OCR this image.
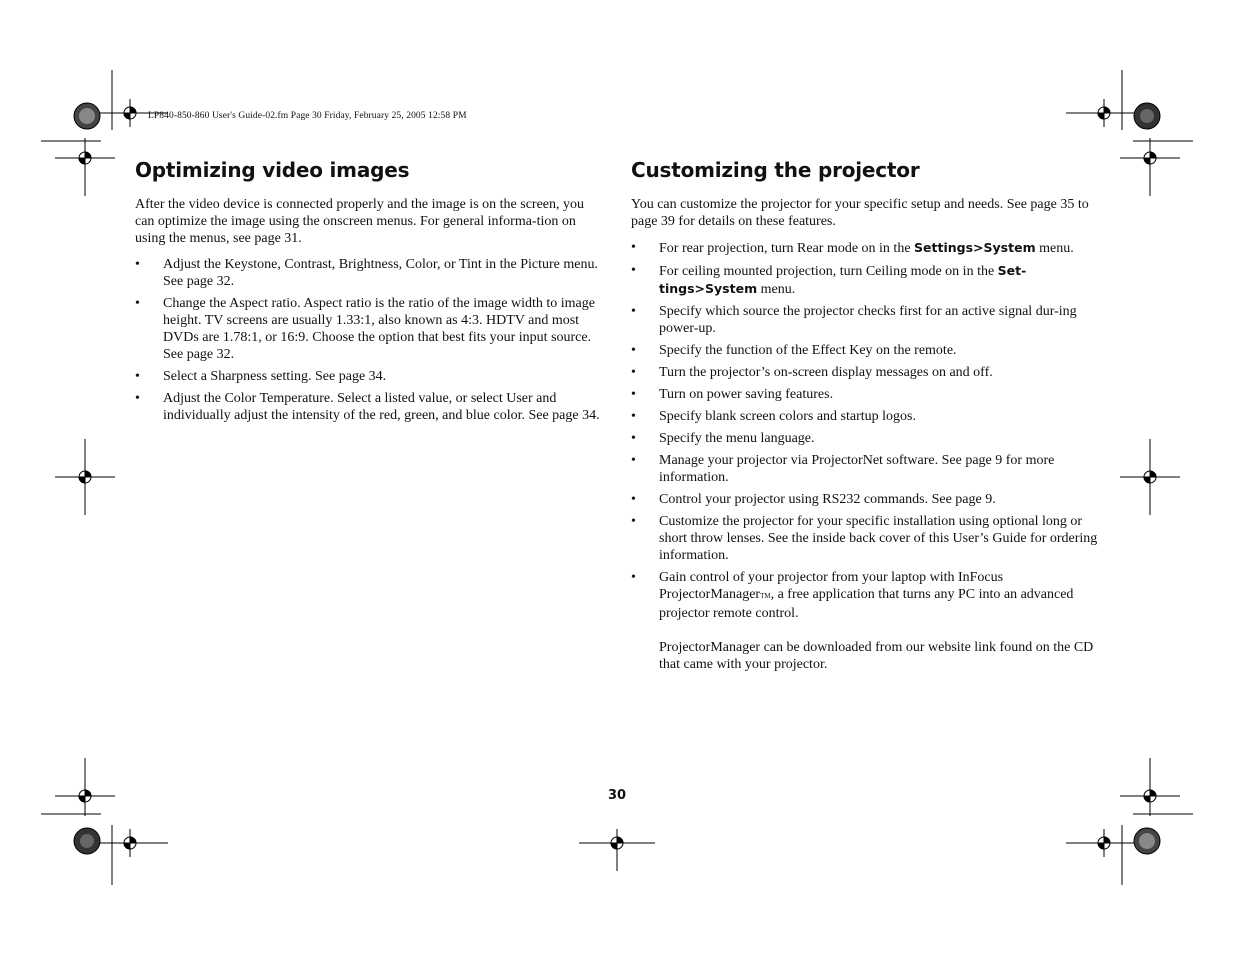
LP840-850-860 User's Guide-02.fm Page 30 Friday, February 25, 2005 12:58 PM
Optimizing video images

After the video device is connected properly and the image is on the screen, you can optimize the image using the onscreen menus. For general informa-tion on using the menus, see page 31.

• Adjust the Keystone, Contrast, Brightness, Color, or Tint in the Picture menu. See page 32.
• Change the Aspect ratio. Aspect ratio is the ratio of the image width to image height. TV screens are usually 1.33:1, also known as 4:3. HDTV and most DVDs are 1.78:1, or 16:9. Choose the option that best fits your input source. See page 32.
• Select a Sharpness setting. See page 34.
• Adjust the Color Temperature. Select a listed value, or select User and individually adjust the intensity of the red, green, and blue color. See page 34.
Customizing the projector

You can customize the projector for your specific setup and needs. See page 35 to page 39 for details on these features.

• For rear projection, turn Rear mode on in the Settings>System menu.
• For ceiling mounted projection, turn Ceiling mode on in the Set-tings>System menu.
• Specify which source the projector checks first for an active signal dur-ing power-up.
• Specify the function of the Effect Key on the remote.
• Turn the projector’s on-screen display messages on and off.
• Turn on power saving features.
• Specify blank screen colors and startup logos.
• Specify the menu language.
• Manage your projector via ProjectorNet software. See page 9 for more information.
• Control your projector using RS232 commands. See page 9.
• Customize the projector for your specific installation using optional long or short throw lenses. See the inside back cover of this User’s Guide for ordering information.
• Gain control of your projector from your laptop with InFocus ProjectorManagerTM, a free application that turns any PC into an advanced projector remote control.
ProjectorManager can be downloaded from our website link found on the CD that came with your projector.
30
